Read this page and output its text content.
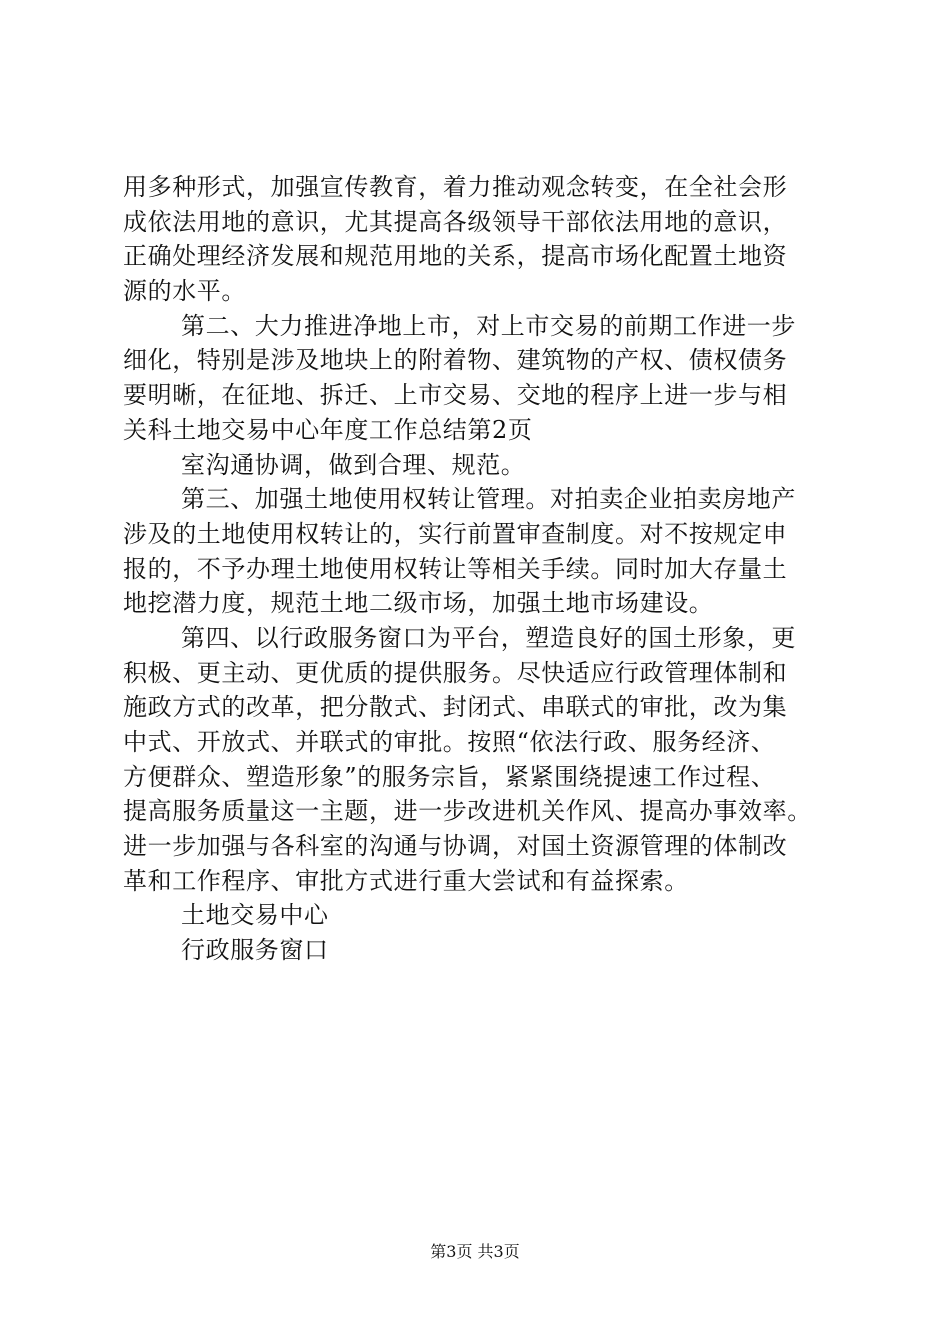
用多种形式，加强宣传教育，着力推动观念转变，在全社会形
成依法用地的意识，尤其提高各级领导干部依法用地的意识，
正确处理经济发展和规范用地的关系，提高市场化配置土地资
源的水平。
第二、大力推进净地上市，对上市交易的前期工作进一步
细化，特别是涉及地块上的附着物、建筑物的产权、债权债务
要明晰，在征地、拆迁、上市交易、交地的程序上进一步与相
关科土地交易中心年度工作总结第2页
室沟通协调，做到合理、规范。
第三、加强土地使用权转让管理。对拍卖企业拍卖房地产
涉及的土地使用权转让的，实行前置审查制度。对不按规定申
报的，不予办理土地使用权转让等相关手续。同时加大存量土
地挖潜力度，规范土地二级市场，加强土地市场建设。
第四、以行政服务窗口为平台，塑造良好的国土形象，更
积极、更主动、更优质的提供服务。尽快适应行政管理体制和
施政方式的改革，把分散式、封闭式、串联式的审批，改为集
中式、开放式、并联式的审批。按照“依法行政、服务经济、
方便群众、塑造形象”的服务宗旨，紧紧围绕提速工作过程、
提高服务质量这一主题，进一步改进机关作风、提高办事效率。
进一步加强与各科室的沟通与协调，对国土资源管理的体制改
革和工作程序、审批方式进行重大尝试和有益探索。
土地交易中心
行政服务窗口
第3页 共3页
